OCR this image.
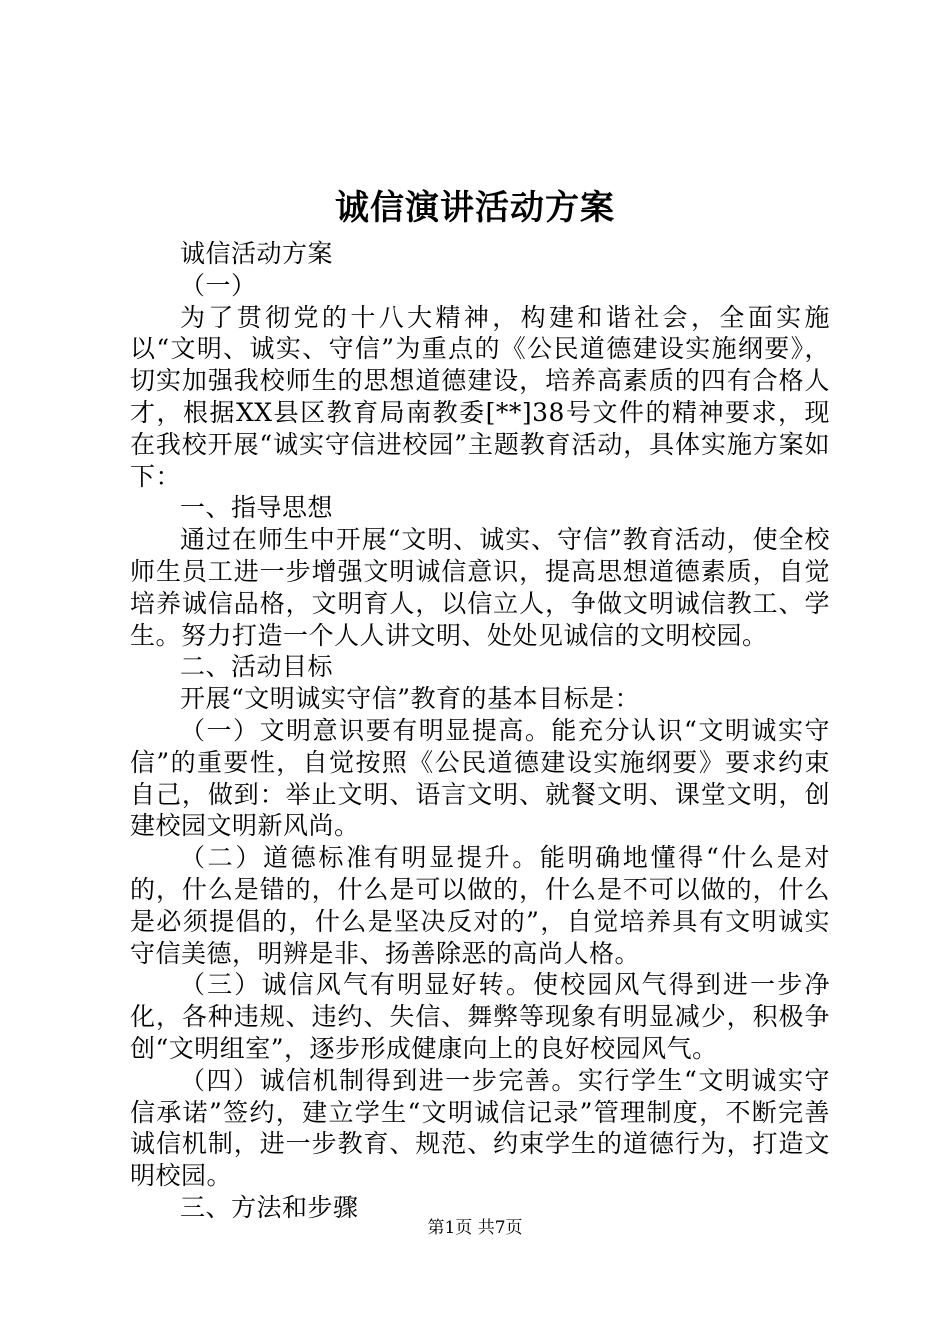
诚信演讲活动方案

诚信活动方案

（一）

为了贯彻党的十八大精神，构建和谐社会，全面实施以“文明、诚实、守信”为重点的《公民道德建设实施纲要》，切实加强我校师生的思想道德建设，培养高素质的四有合格人才，根据XX县区教育局南教委[**]38号文件的精神要求，现在我校开展“诚实守信进校园”主题教育活动，具体实施方案如下：

一、指导思想

通过在师生中开展“文明、诚实、守信”教育活动，使全校师生员工进一步增强文明诚信意识，提高思想道德素质，自觉培养诚信品格，文明育人，以信立人，争做文明诚信教工、学生。努力打造一个人人讲文明、处处见诚信的文明校园。

二、活动目标

开展“文明诚实守信”教育的基本目标是：

（一）文明意识要有明显提高。能充分认识“文明诚实守信”的重要性，自觉按照《公民道德建设实施纲要》要求约束自己，做到：举止文明、语言文明、就餐文明、课堂文明，创建校园文明新风尚。

（二）道德标准有明显提升。能明确地懂得“什么是对的，什么是错的，什么是可以做的，什么是不可以做的，什么是必须提倡的，什么是坚决反对的”，自觉培养具有文明诚实守信美德，明辨是非、扬善除恶的高尚人格。

（三）诚信风气有明显好转。使校园风气得到进一步净化，各种违规、违约、失信、舞弊等现象有明显减少，积极争创“文明组室”，逐步形成健康向上的良好校园风气。

（四）诚信机制得到进一步完善。实行学生“文明诚实守信承诺”签约，建立学生“文明诚信记录”管理制度，不断完善诚信机制，进一步教育、规范、约束学生的道德行为，打造文明校园。

三、方法和步骤

第1页 共7页
